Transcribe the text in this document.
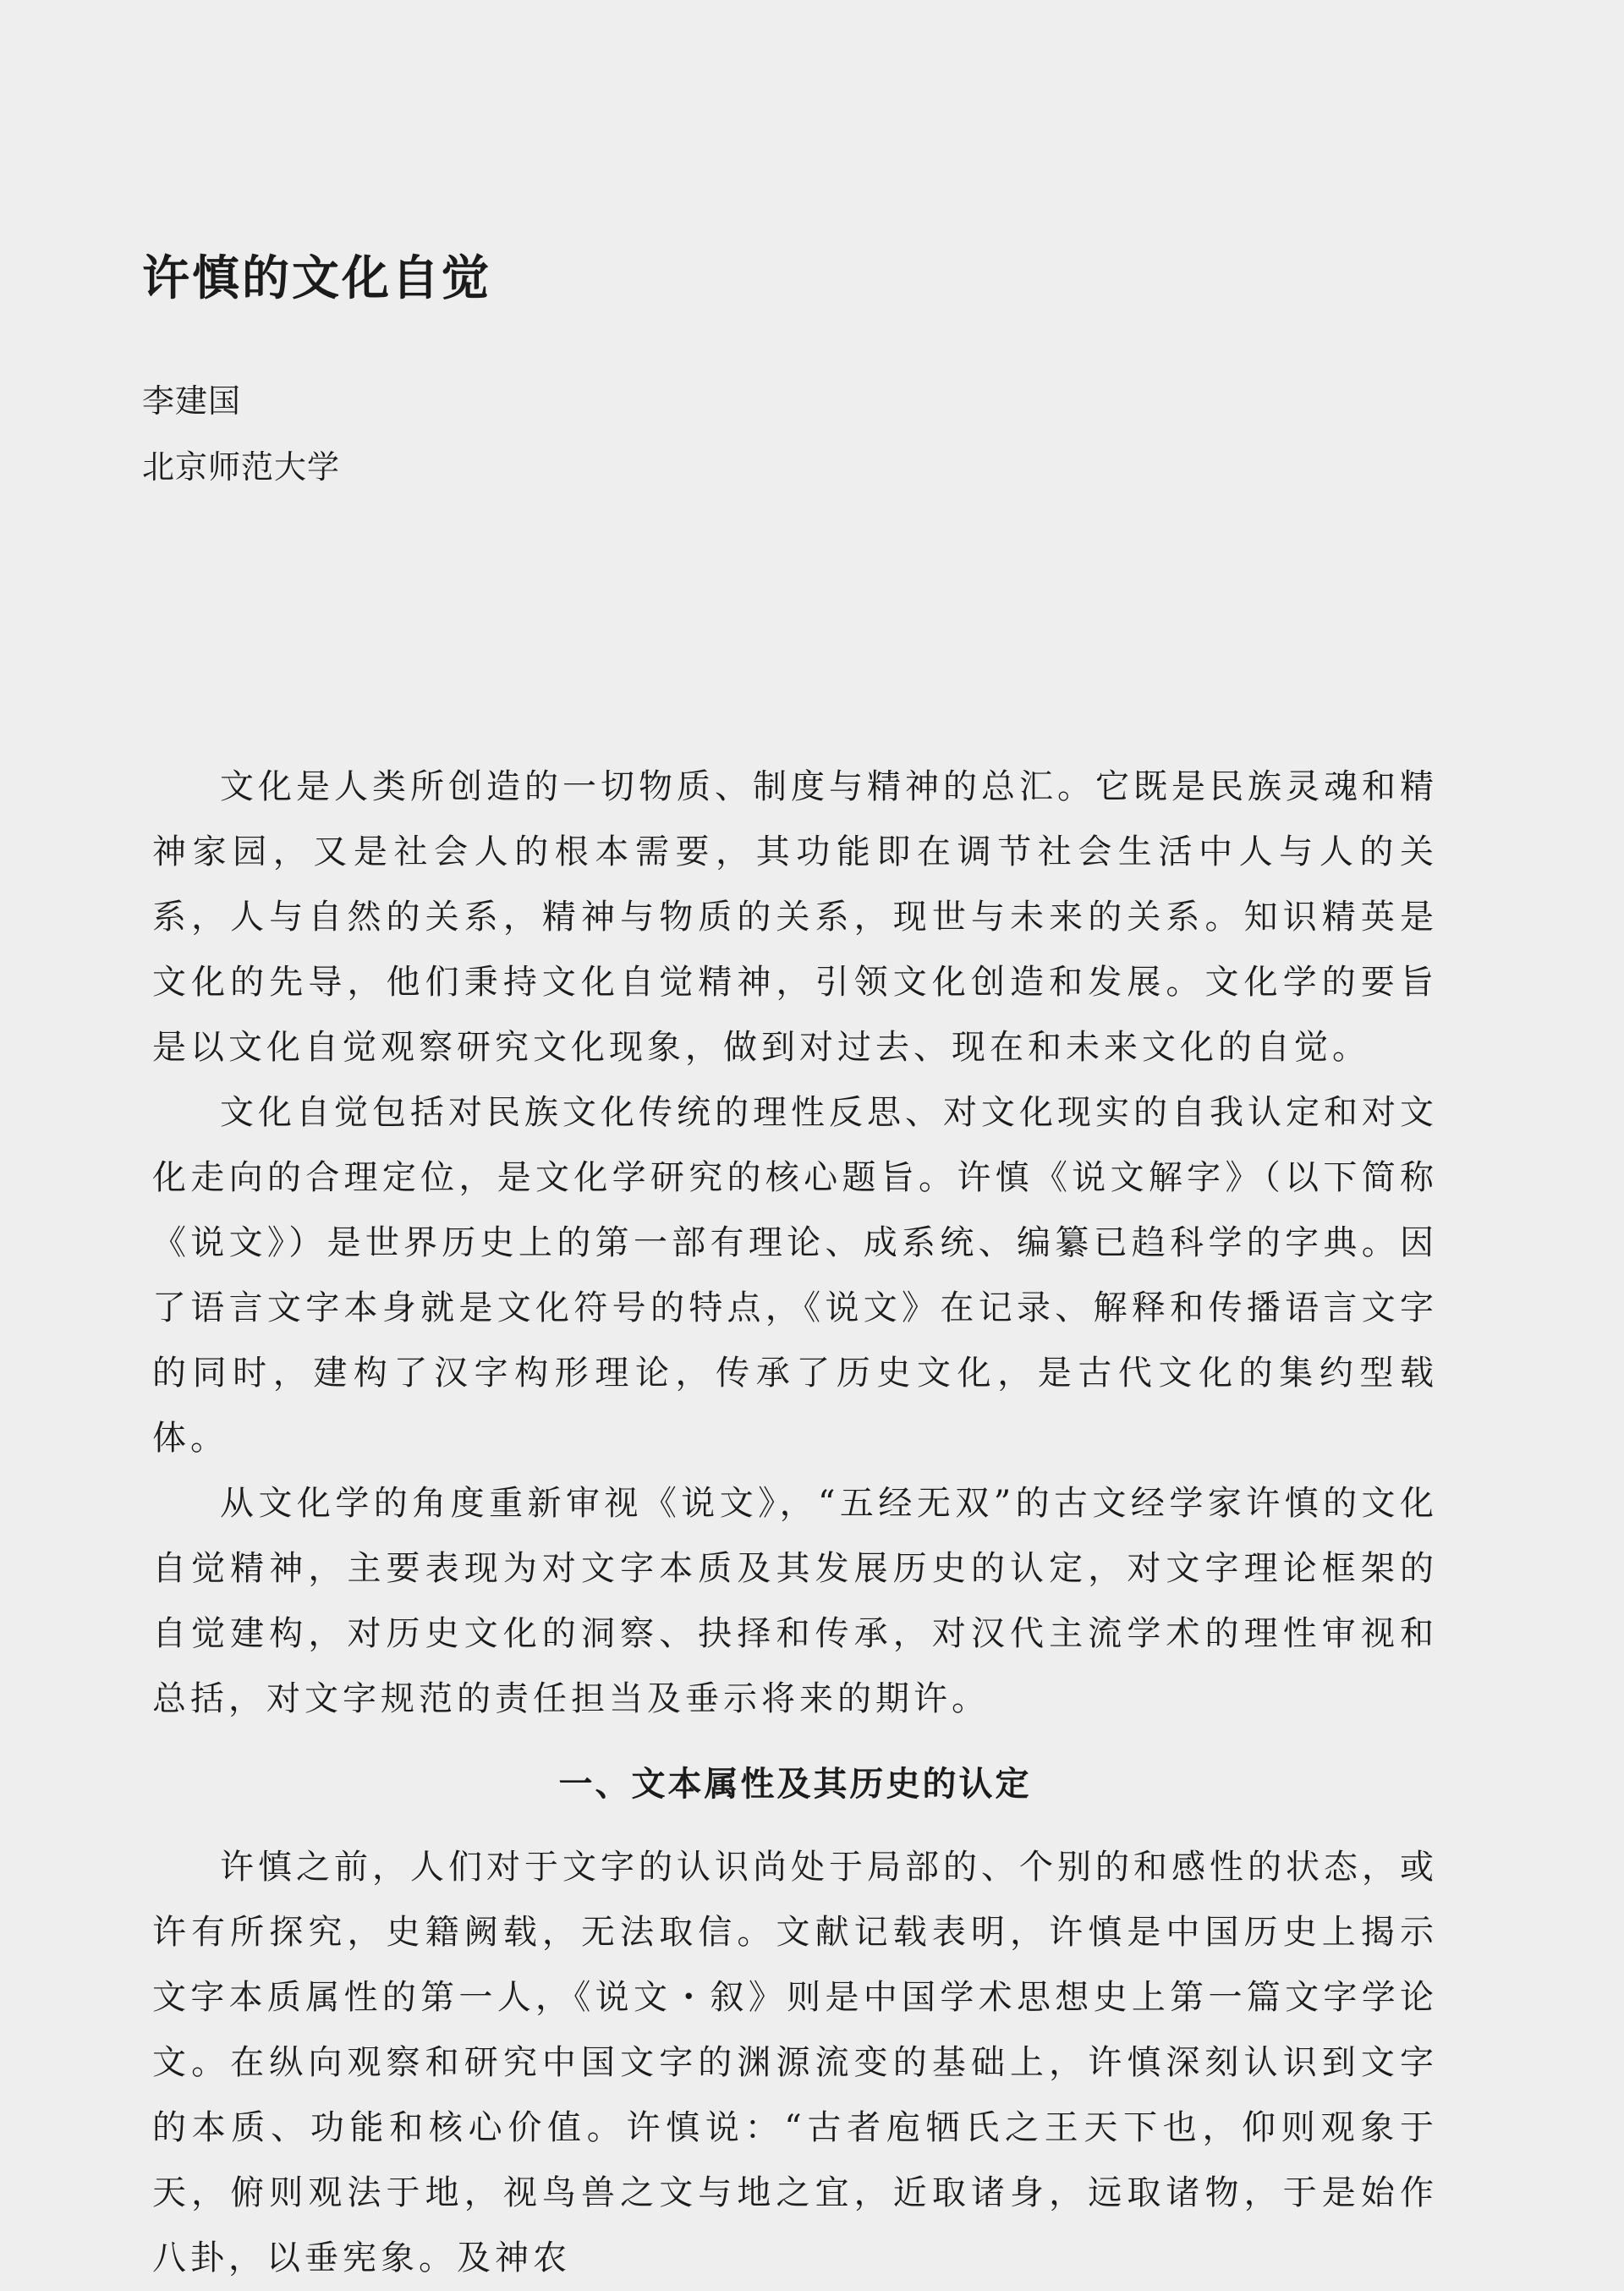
许慎的文化自觉
李建国
北京师范大学

文化是人类所创造的一切物质、制度与精神的总汇。它既是民族灵魂和精神家园，又是社会人的根本需要，其功能即在调节社会生活中人与人的关系，人与自然的关系，精神与物质的关系，现世与未来的关系。知识精英是文化的先导，他们秉持文化自觉精神，引领文化创造和发展。文化学的要旨是以文化自觉观察研究文化现象，做到对过去、现在和未来文化的自觉。

文化自觉包括对民族文化传统的理性反思、对文化现实的自我认定和对文化走向的合理定位，是文化学研究的核心题旨。许慎《说文解字》（以下简称《说文》）是世界历史上的第一部有理论、成系统、编纂已趋科学的字典。因了语言文字本身就是文化符号的特点，《说文》在记录、解释和传播语言文字的同时，建构了汉字构形理论，传承了历史文化，是古代文化的集约型载体。

从文化学的角度重新审视《说文》，“五经无双”的古文经学家许慎的文化自觉精神，主要表现为对文字本质及其发展历史的认定，对文字理论框架的自觉建构，对历史文化的洞察、抉择和传承，对汉代主流学术的理性审视和总括，对文字规范的责任担当及垂示将来的期许。

一、文本属性及其历史的认定

许慎之前，人们对于文字的认识尚处于局部的、个别的和感性的状态，或许有所探究，史籍阙载，无法取信。文献记载表明，许慎是中国历史上揭示文字本质属性的第一人，《说文・叙》则是中国学术思想史上第一篇文字学论文。在纵向观察和研究中国文字的渊源流变的基础上，许慎深刻认识到文字的本质、功能和核心价值。许慎说：“古者庖牺氏之王天下也，仰则观象于天，俯则观法于地，视鸟兽之文与地之宜，近取诸身，远取诸物，于是始作八卦，以垂宪象。及神农
